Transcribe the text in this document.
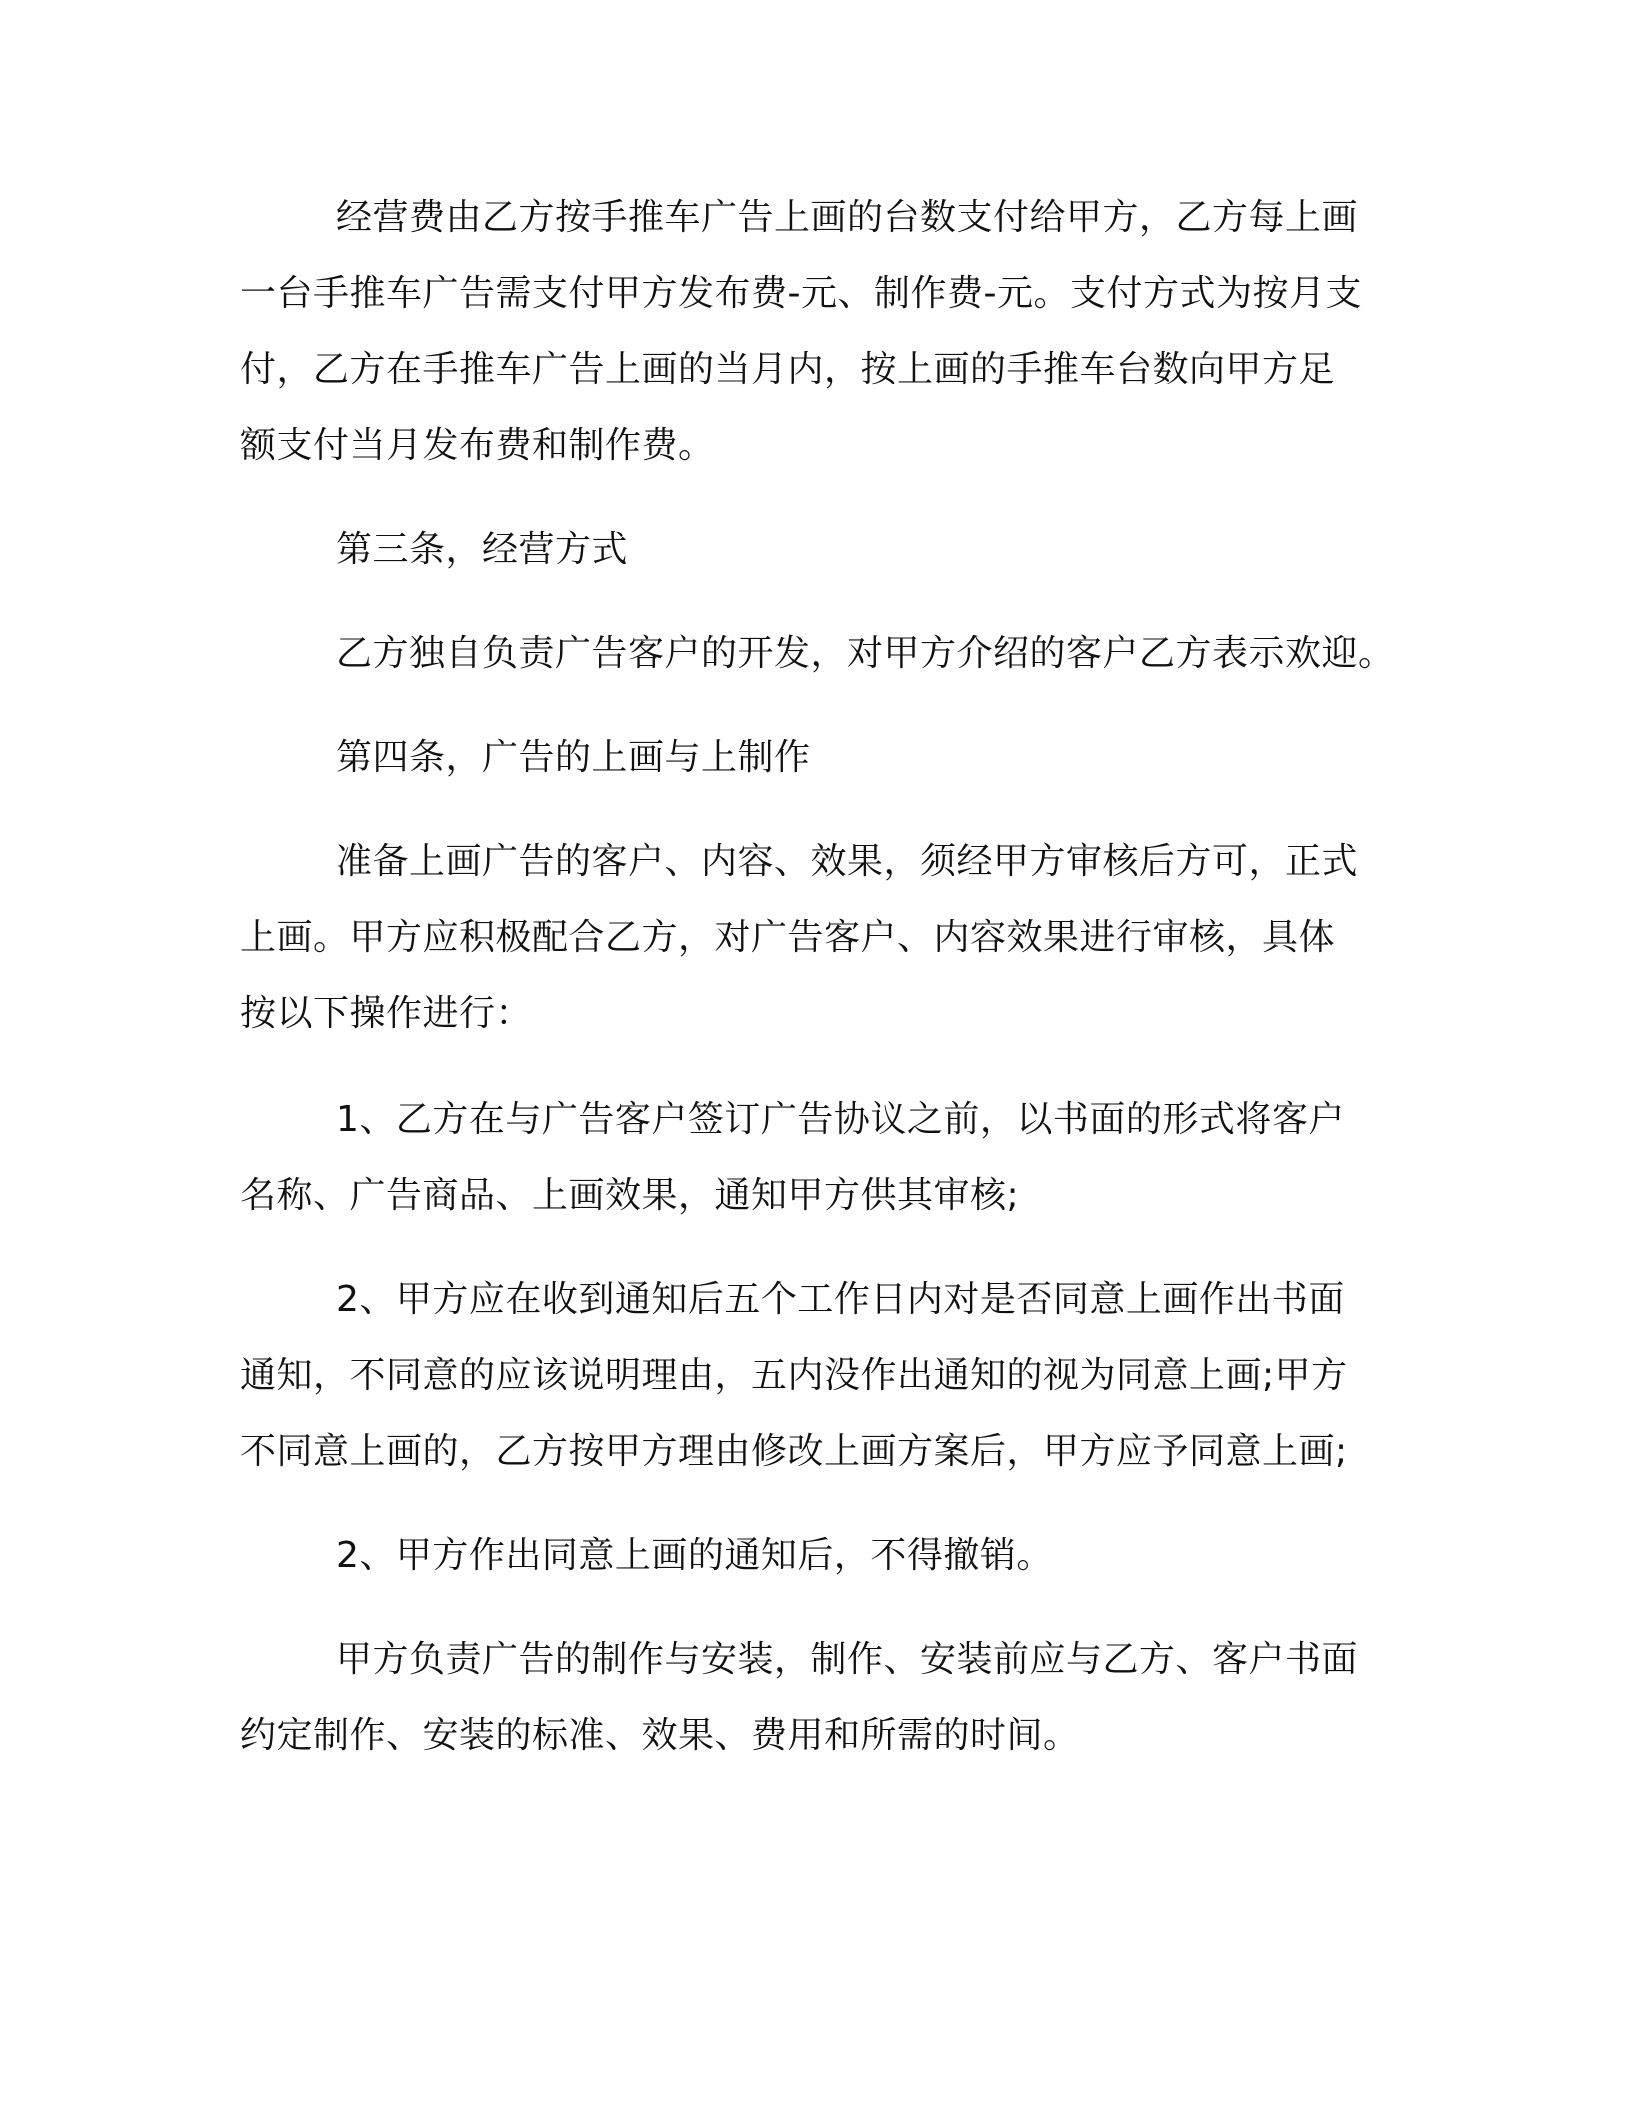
经营费由乙方按手推车广告上画的台数支付给甲方，乙方每上画
一台手推车广告需支付甲方发布费-元、制作费-元。支付方式为按月支
付，乙方在手推车广告上画的当月内，按上画的手推车台数向甲方足
额支付当月发布费和制作费。

第三条，经营方式

乙方独自负责广告客户的开发，对甲方介绍的客户乙方表示欢迎。

第四条，广告的上画与上制作

准备上画广告的客户、内容、效果，须经甲方审核后方可，正式
上画。甲方应积极配合乙方，对广告客户、内容效果进行审核，具体
按以下操作进行：

1、乙方在与广告客户签订广告协议之前，以书面的形式将客户
名称、广告商品、上画效果，通知甲方供其审核;

2、甲方应在收到通知后五个工作日内对是否同意上画作出书面
通知，不同意的应该说明理由，五内没作出通知的视为同意上画;甲方
不同意上画的，乙方按甲方理由修改上画方案后，甲方应予同意上画;

2、甲方作出同意上画的通知后，不得撤销。

甲方负责广告的制作与安装，制作、安装前应与乙方、客户书面
约定制作、安装的标准、效果、费用和所需的时间。
